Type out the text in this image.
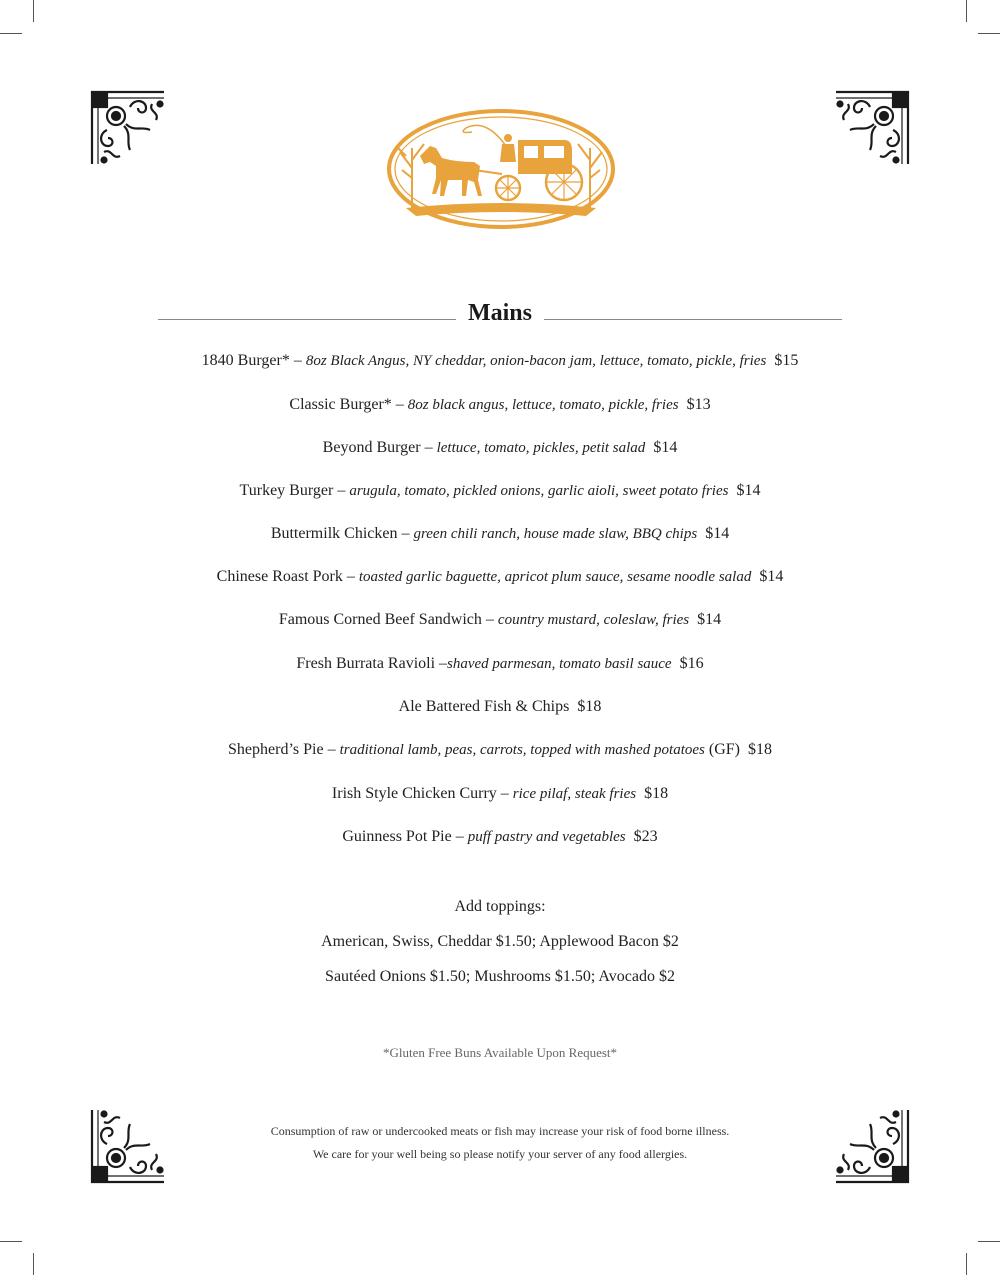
Mains
1840 Burger* – 8oz Black Angus, NY cheddar, onion-bacon jam, lettuce, tomato, pickle, fries $15
Classic Burger* – 8oz black angus, lettuce, tomato, pickle, fries $13
Beyond Burger – lettuce, tomato, pickles, petit salad $14
Turkey Burger – arugula, tomato, pickled onions, garlic aioli, sweet potato fries $14
Buttermilk Chicken – green chili ranch, house made slaw, BBQ chips $14
Chinese Roast Pork – toasted garlic baguette, apricot plum sauce, sesame noodle salad $14
Famous Corned Beef Sandwich – country mustard, coleslaw, fries $14
Fresh Burrata Ravioli –shaved parmesan, tomato basil sauce $16
Ale Battered Fish & Chips $18
Shepherd’s Pie – traditional lamb, peas, carrots, topped with mashed potatoes (GF) $18
Irish Style Chicken Curry – rice pilaf, steak fries $18
Guinness Pot Pie – puff pastry and vegetables $23
Add toppings:
American, Swiss, Cheddar $1.50; Applewood Bacon $2
Sautéed Onions $1.50; Mushrooms $1.50; Avocado $2
*Gluten Free Buns Available Upon Request*
Consumption of raw or undercooked meats or fish may increase your risk of food borne illness.
We care for your well being so please notify your server of any food allergies.
